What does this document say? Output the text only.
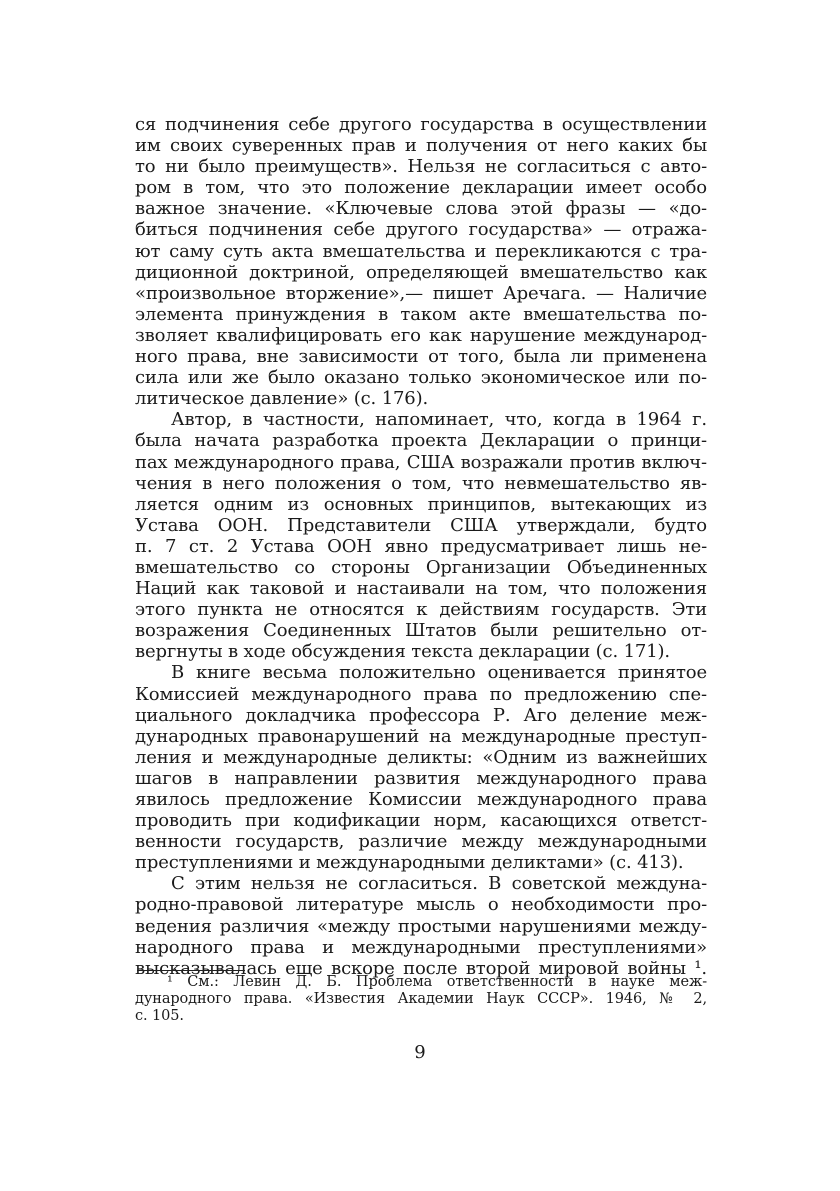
ся подчинения себе другого государства в осуществлении
им своих суверенных прав и получения от него каких бы
то ни было преимуществ». Нельзя не согласиться с авто-
ром в том, что это положение декларации имеет особо
важное значение. «Ключевые слова этой фразы — «до-
биться подчинения себе другого государства» — отража-
ют саму суть акта вмешательства и перекликаются с тра-
диционной доктриной, определяющей вмешательство как
«произвольное вторжение»,— пишет Аречага. — Наличие
элемента принуждения в таком акте вмешательства по-
зволяет квалифицировать его как нарушение международ-
ного права, вне зависимости от того, была ли применена
сила или же было оказано только экономическое или по-
литическое давление» (с. 176).
Автор, в частности, напоминает, что, когда в 1964 г.
была начата разработка проекта Декларации о принци-
пах международного права, США возражали против включ-
чения в него положения о том, что невмешательство яв-
ляется одним из основных принципов, вытекающих из
Устава ООН. Представители США утверждали, будто
п. 7 ст. 2 Устава ООН явно предусматривает лишь не-
вмешательство со стороны Организации Объединенных
Наций как таковой и настаивали на том, что положения
этого пункта не относятся к действиям государств. Эти
возражения Соединенных Штатов были решительно от-
вергнуты в ходе обсуждения текста декларации (с. 171).
В книге весьма положительно оценивается принятое
Комиссией международного права по предложению спе-
циального докладчика профессора Р. Аго деление меж-
дународных правонарушений на международные преступ-
ления и международные деликты: «Одним из важнейших
шагов в направлении развития международного права
явилось предложение Комиссии международного права
проводить при кодификации норм, касающихся ответст-
венности государств, различие между международными
преступлениями и международными деликтами» (с. 413).
С этим нельзя не согласиться. В советской междуна-
родно-правовой литературе мысль о необходимости про-
ведения различия «между простыми нарушениями между-
народного права и международными преступлениями»
высказывалась еще вскоре после второй мировой войны ¹.
¹ См.: Левин Д. Б. Проблема ответственности в науке меж-
дународного права. «Известия Академии Наук СССР». 1946, № 2,
с. 105.
9
